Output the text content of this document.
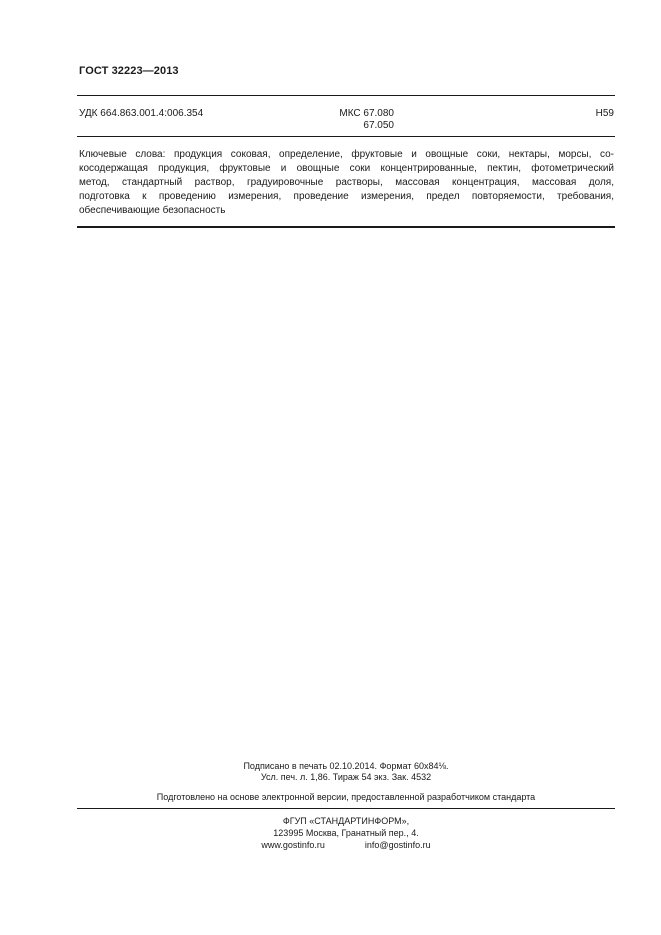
ГОСТ 32223—2013
УДК 664.863.001.4:006.354	МКС 67.080
67.050
Н59
Ключевые слова: продукция соковая, определение, фруктовые и овощные соки, нектары, морсы, со-
косодержащая продукция, фруктовые и овощные соки концентрированные, пектин, фотометрический
метод, стандартный раствор, градуировочные растворы, массовая концентрация, массовая доля,
подготовка к проведению измерения, проведение измерения, предел повторяемости, требования,
обеспечивающие безопасность
Подписано в печать 02.10.2014. Формат 60х84⅛.
Усл. печ. л. 1,86. Тираж 54 экз. Зак. 4532
Подготовлено на основе электронной версии, предоставленной разработчиком стандарта
ФГУП «СТАНДАРТИНФОРМ»,
123995 Москва, Гранатный пер., 4.
www.gostinfo.ru	info@gostinfo.ru
